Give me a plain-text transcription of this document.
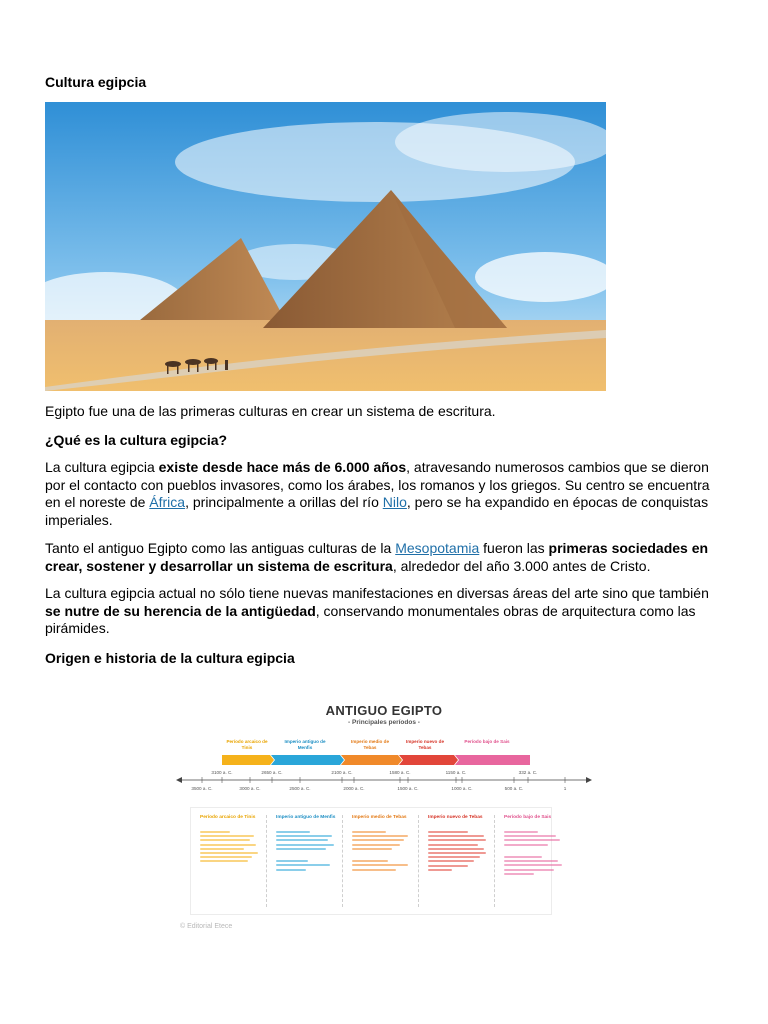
Cultura egipcia
Egipto fue una de las primeras culturas en crear un sistema de escritura.
¿Qué es la cultura egipcia?
La cultura egipcia existe desde hace más de 6.000 años, atravesando numerosos cambios que se dieron por el contacto con pueblos invasores, como los árabes, los romanos y los griegos. Su centro se encuentra en el noreste de África, principalmente a orillas del río Nilo, pero se ha expandido en épocas de conquistas imperiales.
Tanto el antiguo Egipto como las antiguas culturas de la Mesopotamia fueron las primeras sociedades en crear, sostener y desarrollar un sistema de escritura, alrededor del año 3.000 antes de Cristo.
La cultura egipcia actual no sólo tiene nuevas manifestaciones en diversas áreas del arte sino que también se nutre de su herencia de la antigüedad, conservando monumentales obras de arquitectura como las pirámides.
Origen e historia de la cultura egipcia
ANTIGUO EGIPTO
- Principales períodos -
Período arcaico de Tinis
Imperio antiguo de Menfis
Imperio medio de Tebas
Imperio nuevo de Tebas
Período bajo de Sais
3100 a. C.	2650 a. C.	2100 a. C.	1580 a. C.	1150 a. C.	332 a. C.
3500 a. C.	3000 a. C.	2500 a. C.	2000 a. C.	1500 a. C.	1000 a. C.	500 a. C.	1
Período arcaico de Tinis	Imperio antiguo de Menfis	Imperio medio de Tebas	Imperio nuevo de Tebas	Período bajo de Sais
© Editorial Etece
